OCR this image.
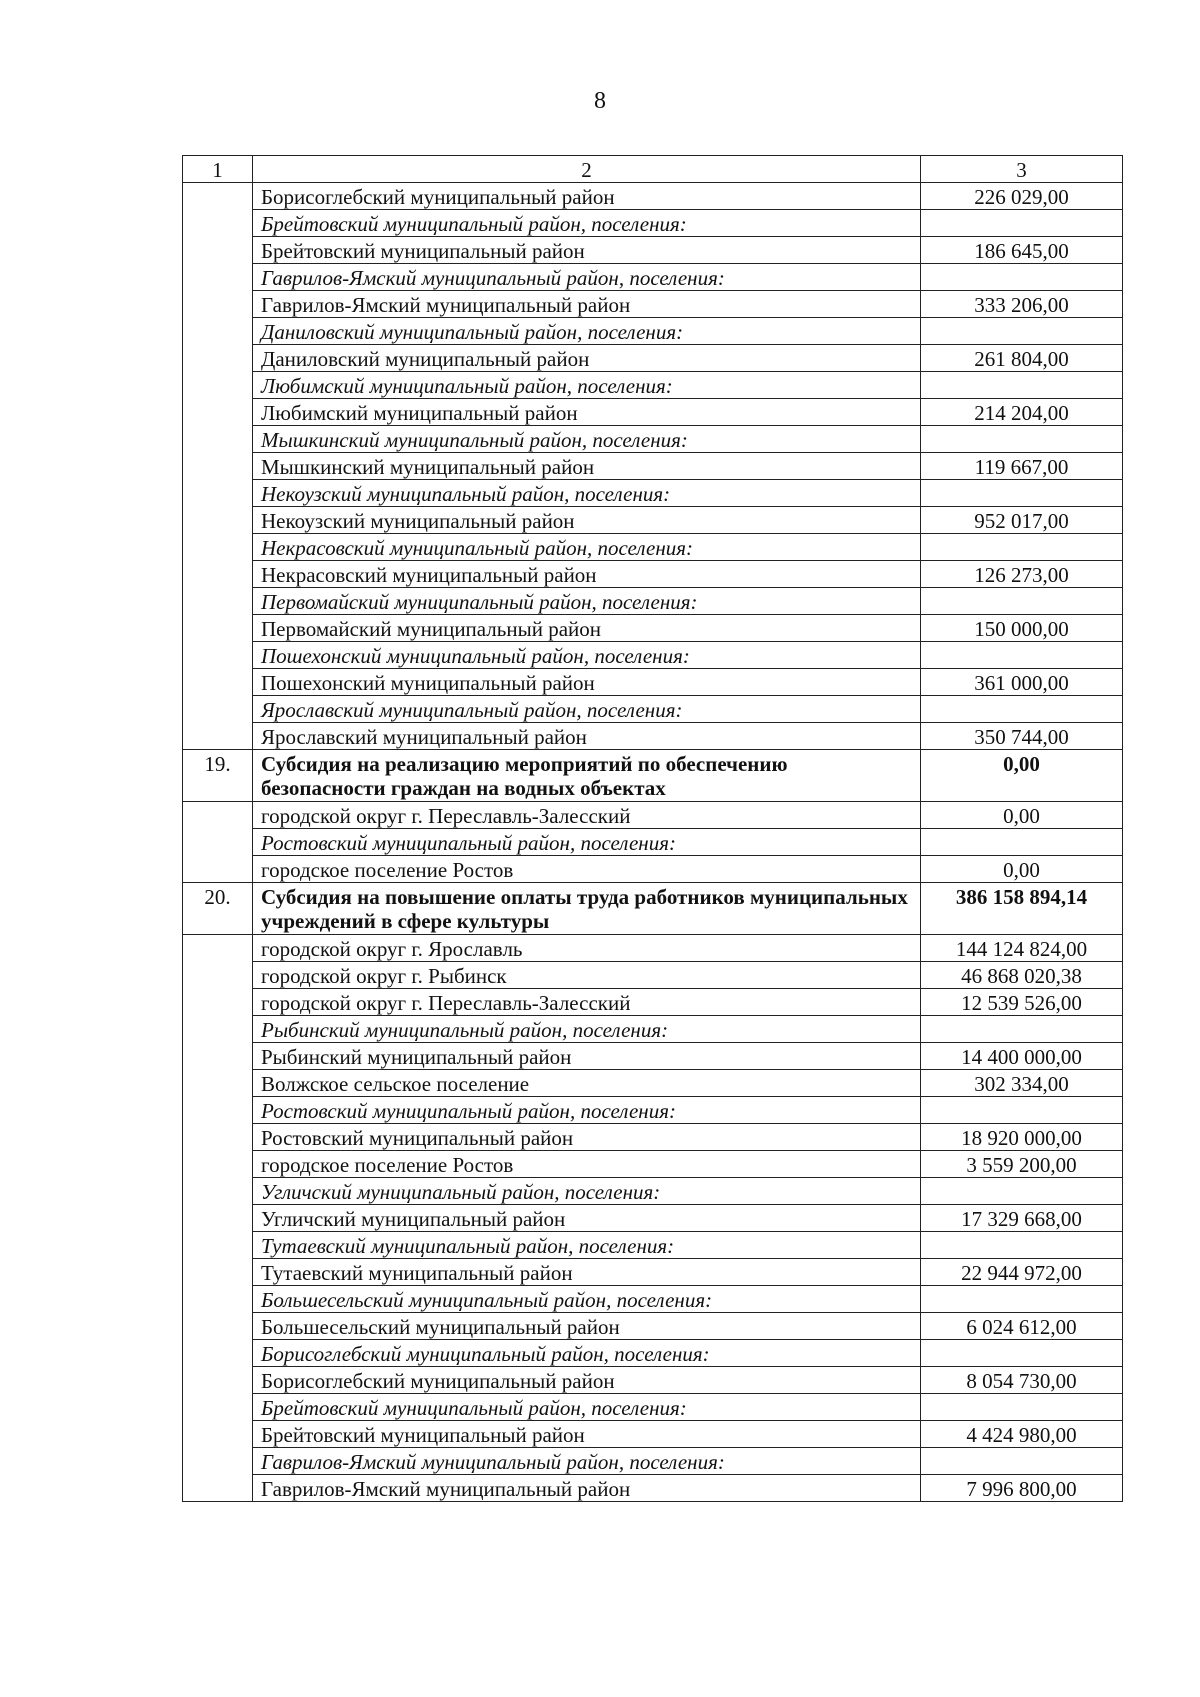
8
1	2	3
	Борисоглебский муниципальный район	226 029,00
	Брейтовский муниципальный район, поселения:	
	Брейтовский муниципальный район	186 645,00
	Гаврилов-Ямский муниципальный район, поселения:	
	Гаврилов-Ямский муниципальный район	333 206,00
	Даниловский муниципальный район, поселения:	
	Даниловский муниципальный район	261 804,00
	Любимский муниципальный район, поселения:	
	Любимский муниципальный район	214 204,00
	Мышкинский муниципальный район, поселения:	
	Мышкинский муниципальный район	119 667,00
	Некоузский муниципальный район, поселения:	
	Некоузский муниципальный район	952 017,00
	Некрасовский муниципальный район, поселения:	
	Некрасовский муниципальный район	126 273,00
	Первомайский муниципальный район, поселения:	
	Первомайский муниципальный район	150 000,00
	Пошехонский муниципальный район, поселения:	
	Пошехонский муниципальный район	361 000,00
	Ярославский муниципальный район, поселения:	
	Ярославский муниципальный район	350 744,00
19.	Субсидия на реализацию мероприятий по обеспечению безопасности граждан на водных объектах	0,00
	городской округ г. Переславль-Залесский	0,00
	Ростовский муниципальный район, поселения:	
	городское поселение Ростов	0,00
20.	Субсидия на повышение оплаты труда работников муниципальных учреждений в сфере культуры	386 158 894,14
	городской округ г. Ярославль	144 124 824,00
	городской округ г. Рыбинск	46 868 020,38
	городской округ г. Переславль-Залесский	12 539 526,00
	Рыбинский муниципальный район, поселения:	
	Рыбинский муниципальный район	14 400 000,00
	Волжское сельское поселение	302 334,00
	Ростовский муниципальный район, поселения:	
	Ростовский муниципальный район	18 920 000,00
	городское поселение Ростов	3 559 200,00
	Угличский муниципальный район, поселения:	
	Угличский муниципальный район	17 329 668,00
	Тутаевский муниципальный район, поселения:	
	Тутаевский муниципальный район	22 944 972,00
	Большесельский муниципальный район, поселения:	
	Большесельский муниципальный район	6 024 612,00
	Борисоглебский муниципальный район, поселения:	
	Борисоглебский муниципальный район	8 054 730,00
	Брейтовский муниципальный район, поселения:	
	Брейтовский муниципальный район	4 424 980,00
	Гаврилов-Ямский муниципальный район, поселения:	
	Гаврилов-Ямский муниципальный район	7 996 800,00
